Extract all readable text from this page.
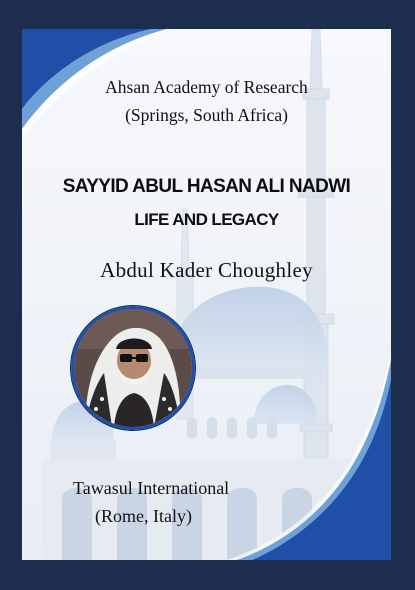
Ahsan Academy of Research

(Springs, South Africa)

SAYYID ABUL HASAN ALI NADWI

LIFE AND LEGACY

Abdul Kader Choughley

Tawasul International

(Rome, Italy)
